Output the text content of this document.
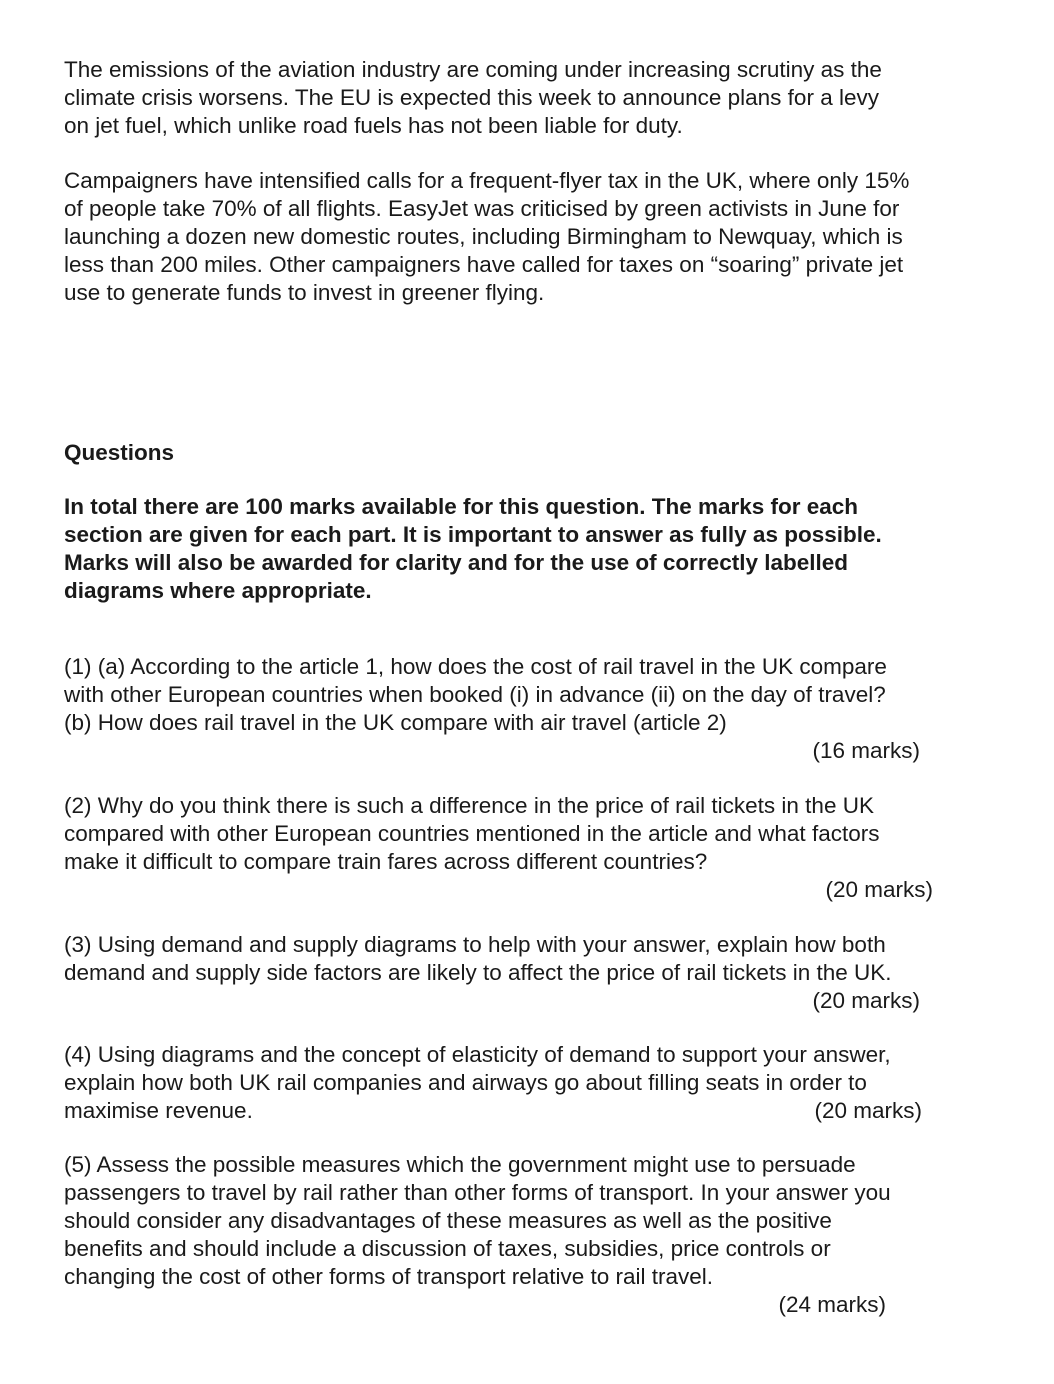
The emissions of the aviation industry are coming under increasing scrutiny as the
climate crisis worsens. The EU is expected this week to announce plans for a levy
on jet fuel, which unlike road fuels has not been liable for duty.

Campaigners have intensified calls for a frequent-flyer tax in the UK, where only 15%
of people take 70% of all flights. EasyJet was criticised by green activists in June for
launching a dozen new domestic routes, including Birmingham to Newquay, which is
less than 200 miles. Other campaigners have called for taxes on “soaring” private jet
use to generate funds to invest in greener flying.

Questions

In total there are 100 marks available for this question. The marks for each
section are given for each part. It is important to answer as fully as possible.
Marks will also be awarded for clarity and for the use of correctly labelled
diagrams where appropriate.

(1) (a) According to the article 1, how does the cost of rail travel in the UK compare
with other European countries when booked (i) in advance (ii) on the day of travel?
(b) How does rail travel in the UK compare with air travel (article 2)
(16 marks)
(2) Why do you think there is such a difference in the price of rail tickets in the UK
compared with other European countries mentioned in the article and what factors
make it difficult to compare train fares across different countries?
(20 marks)
(3) Using demand and supply diagrams to help with your answer, explain how both
demand and supply side factors are likely to affect the price of rail tickets in the UK.
(20 marks)
(4) Using diagrams and the concept of elasticity of demand to support your answer,
explain how both UK rail companies and airways go about filling seats in order to
maximise revenue.	(20 marks)
(5) Assess the possible measures which the government might use to persuade
passengers to travel by rail rather than other forms of transport. In your answer you
should consider any disadvantages of these measures as well as the positive
benefits and should include a discussion of taxes, subsidies, price controls or
changing the cost of other forms of transport relative to rail travel.
(24 marks)
